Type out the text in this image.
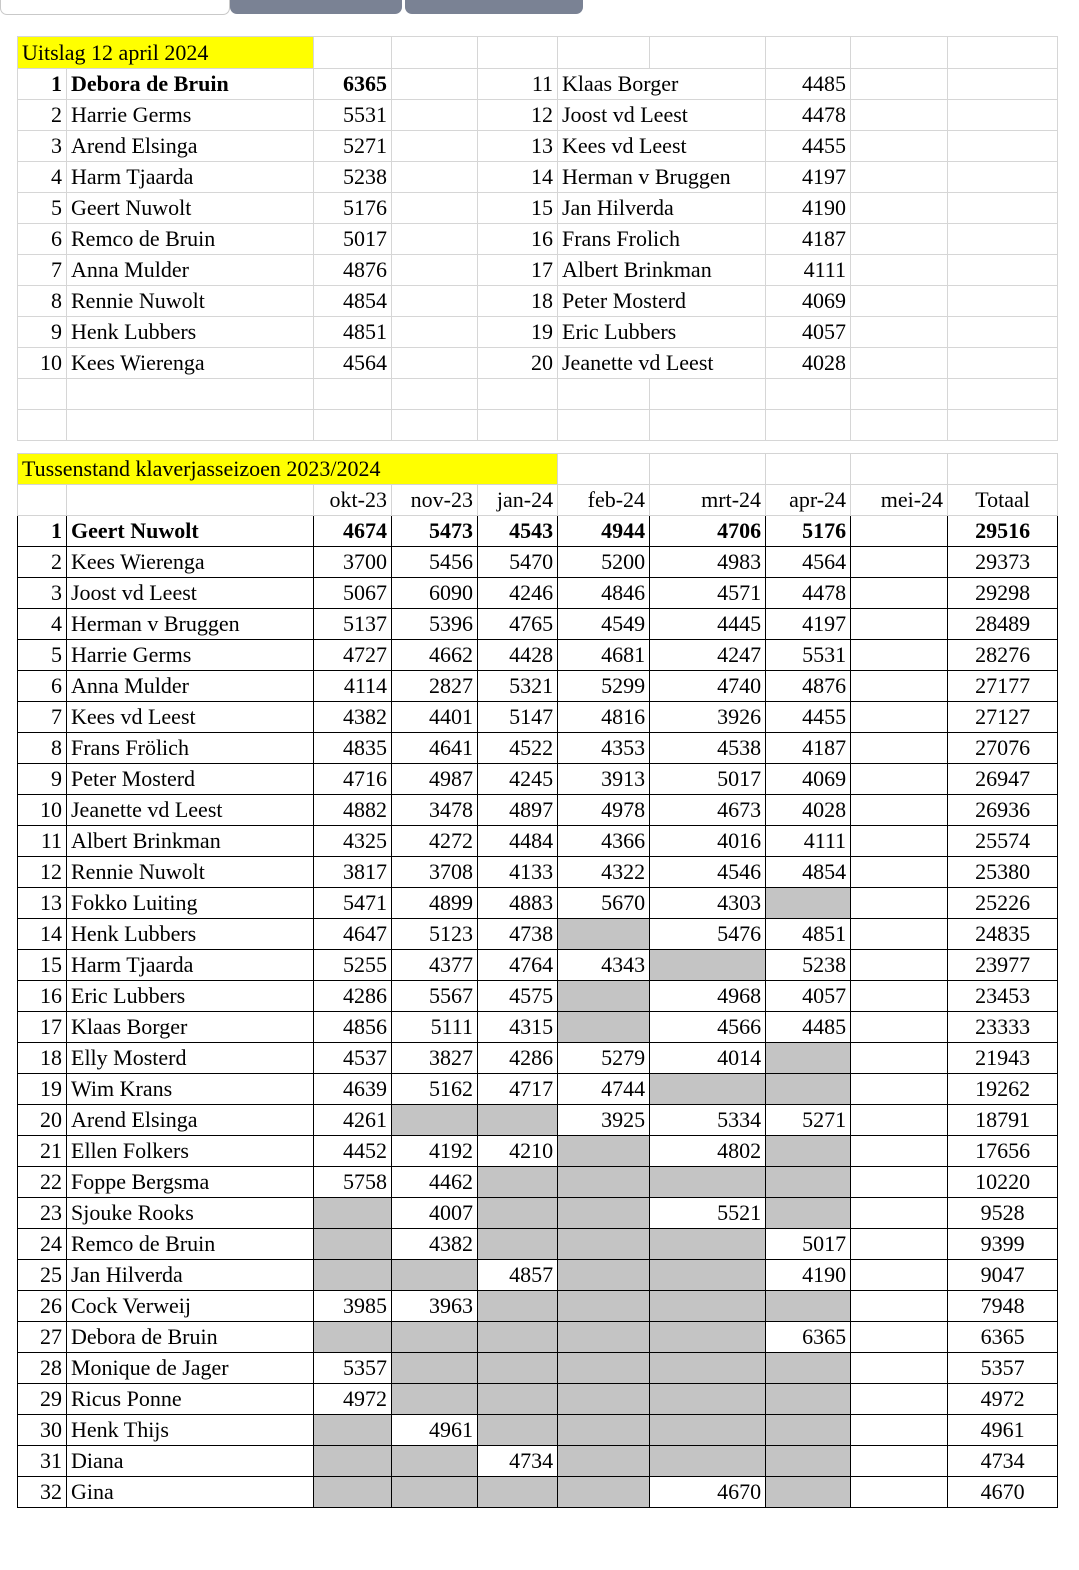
Uitslag 12 april 2024									
1	Debora de Bruin	6365		11	Klaas Borger		4485		
2	Harrie Germs	5531		12	Joost vd Leest		4478		
3	Arend Elsinga	5271		13	Kees vd Leest		4455		
4	Harm Tjaarda	5238		14	Herman v Bruggen		4197		
5	Geert Nuwolt	5176		15	Jan Hilverda		4190		
6	Remco de Bruin	5017		16	Frans Frolich		4187		
7	Anna Mulder	4876		17	Albert Brinkman		4111		
8	Rennie Nuwolt	4854		18	Peter Mosterd		4069		
9	Henk Lubbers	4851		19	Eric Lubbers		4057		
10	Kees Wierenga	4564		20	Jeanette vd Leest		4028		

Tussenstand klaverjasseizoen 2023/2024									
		okt-23	nov-23	jan-24	feb-24	mrt-24	apr-24	mei-24	Totaal
1	Geert Nuwolt	4674	5473	4543	4944	4706	5176		29516
2	Kees Wierenga	3700	5456	5470	5200	4983	4564		29373
3	Joost vd Leest	5067	6090	4246	4846	4571	4478		29298
4	Herman v Bruggen	5137	5396	4765	4549	4445	4197		28489
5	Harrie Germs	4727	4662	4428	4681	4247	5531		28276
6	Anna Mulder	4114	2827	5321	5299	4740	4876		27177
7	Kees vd Leest	4382	4401	5147	4816	3926	4455		27127
8	Frans Frölich	4835	4641	4522	4353	4538	4187		27076
9	Peter Mosterd	4716	4987	4245	3913	5017	4069		26947
10	Jeanette vd Leest	4882	3478	4897	4978	4673	4028		26936
11	Albert Brinkman	4325	4272	4484	4366	4016	4111		25574
12	Rennie Nuwolt	3817	3708	4133	4322	4546	4854		25380
13	Fokko Luiting	5471	4899	4883	5670	4303			25226
14	Henk Lubbers	4647	5123	4738		5476	4851		24835
15	Harm Tjaarda	5255	4377	4764	4343		5238		23977
16	Eric Lubbers	4286	5567	4575		4968	4057		23453
17	Klaas Borger	4856	5111	4315		4566	4485		23333
18	Elly Mosterd	4537	3827	4286	5279	4014			21943
19	Wim Krans	4639	5162	4717	4744				19262
20	Arend Elsinga	4261			3925	5334	5271		18791
21	Ellen Folkers	4452	4192	4210		4802			17656
22	Foppe Bergsma	5758	4462						10220
23	Sjouke Rooks		4007			5521			9528
24	Remco de Bruin		4382				5017		9399
25	Jan Hilverda			4857			4190		9047
26	Cock Verweij	3985	3963						7948
27	Debora de Bruin						6365		6365
28	Monique de Jager	5357							5357
29	Ricus Ponne	4972							4972
30	Henk Thijs		4961						4961
31	Diana			4734					4734
32	Gina					4670			4670
